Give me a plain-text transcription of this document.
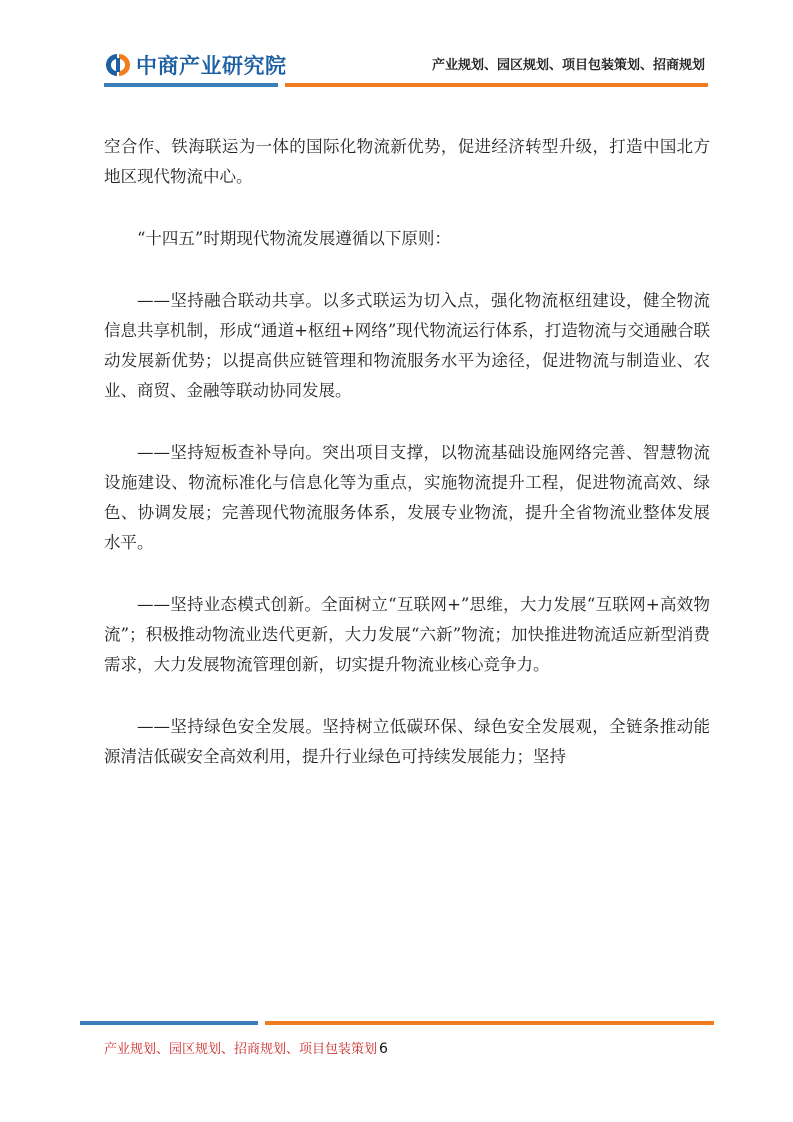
中商产业研究院	产业规划、园区规划、项目包装策划、招商规划

空合作、铁海联运为一体的国际化物流新优势，促进经济转型升级，打造中国北方地区现代物流中心。

“十四五”时期现代物流发展遵循以下原则：

——坚持融合联动共享。以多式联运为切入点，强化物流枢纽建设，健全物流信息共享机制，形成“通道+枢纽+网络”现代物流运行体系，打造物流与交通融合联动发展新优势；以提高供应链管理和物流服务水平为途径，促进物流与制造业、农业、商贸、金融等联动协同发展。

——坚持短板查补导向。突出项目支撑，以物流基础设施网络完善、智慧物流设施建设、物流标准化与信息化等为重点，实施物流提升工程，促进物流高效、绿色、协调发展；完善现代物流服务体系，发展专业物流，提升全省物流业整体发展水平。

——坚持业态模式创新。全面树立“互联网+”思维，大力发展“互联网+高效物流”；积极推动物流业迭代更新，大力发展“六新”物流；加快推进物流适应新型消费需求，大力发展物流管理创新，切实提升物流业核心竞争力。

——坚持绿色安全发展。坚持树立低碳环保、绿色安全发展观，全链条推动能源清洁低碳安全高效利用，提升行业绿色可持续发展能力；坚持

产业规划、园区规划、招商规划、项目包装策划 6
